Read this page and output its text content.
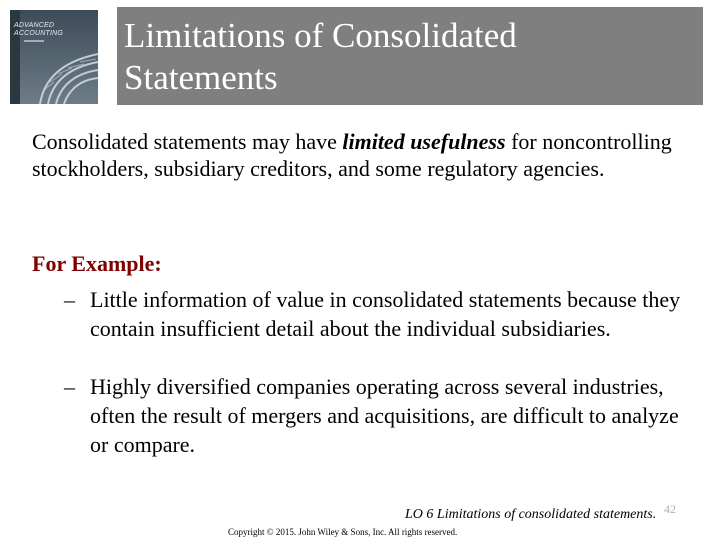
ADVANCED
ACCOUNTING Limitations of Consolidated
Statements
Consolidated statements may have limited usefulness for noncontrolling stockholders, subsidiary creditors, and some regulatory agencies.
For Example:
– Little information of value in consolidated statements because they contain insufficient detail about the individual subsidiaries.
– Highly diversified companies operating across several industries, often the result of mergers and acquisitions, are difficult to analyze or compare.
42
LO 6 Limitations of consolidated statements.
Copyright © 2015. John Wiley & Sons, Inc. All rights reserved.
